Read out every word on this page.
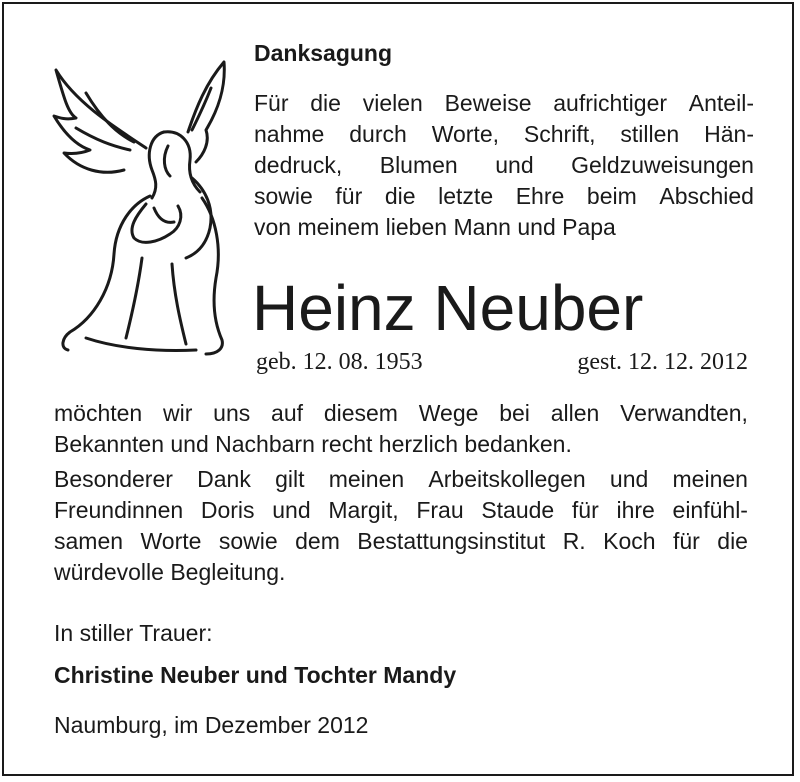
Danksagung
Für die vielen Beweise aufrichtiger Anteil-
nahme durch Worte, Schrift, stillen Hän-
dedruck, Blumen und Geldzuweisungen
sowie für die letzte Ehre beim Abschied
von meinem lieben Mann und Papa
Heinz Neuber
geb. 12. 08. 1953	gest. 12. 12. 2012
möchten wir uns auf diesem Wege bei allen Verwandten,
Bekannten und Nachbarn recht herzlich bedanken.
Besonderer Dank gilt meinen Arbeitskollegen und meinen
Freundinnen Doris und Margit, Frau Staude für ihre einfühl-
samen Worte sowie dem Bestattungsinstitut R. Koch für die
würdevolle Begleitung.
In stiller Trauer:
Christine Neuber und Tochter Mandy
Naumburg, im Dezember 2012
